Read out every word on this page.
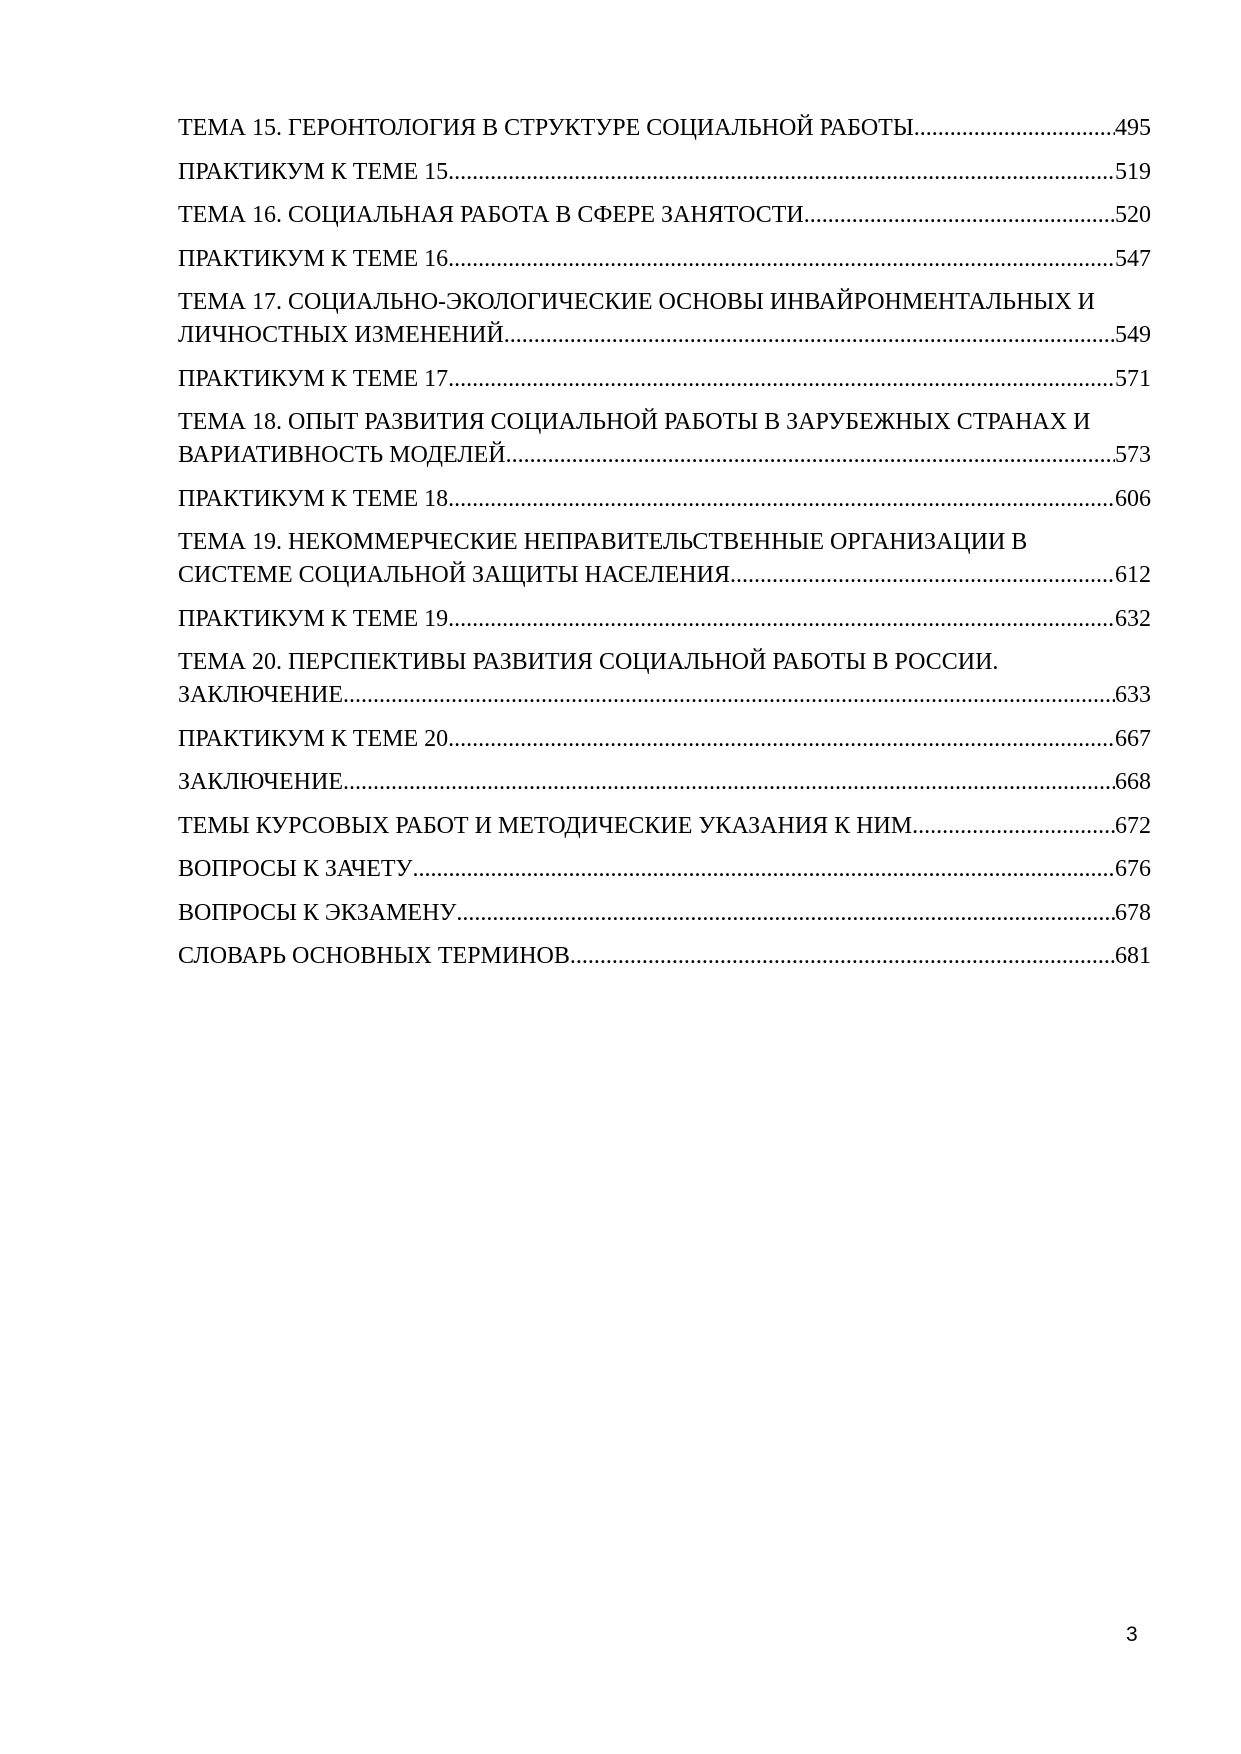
ТЕМА 15. ГЕРОНТОЛОГИЯ В СТРУКТУРЕ СОЦИАЛЬНОЙ РАБОТЫ .....	495
ПРАКТИКУМ К ТЕМЕ 15 .....	519
ТЕМА 16. СОЦИАЛЬНАЯ РАБОТА В СФЕРЕ ЗАНЯТОСТИ .....	520
ПРАКТИКУМ К ТЕМЕ 16 .....	547
ТЕМА 17. СОЦИАЛЬНО-ЭКОЛОГИЧЕСКИЕ ОСНОВЫ ИНВАЙРОНМЕНТАЛЬНЫХ И
ЛИЧНОСТНЫХ ИЗМЕНЕНИЙ .....	549
ПРАКТИКУМ К ТЕМЕ 17 .....	571
ТЕМА 18. ОПЫТ РАЗВИТИЯ СОЦИАЛЬНОЙ РАБОТЫ В ЗАРУБЕЖНЫХ СТРАНАХ И
ВАРИАТИВНОСТЬ МОДЕЛЕЙ .....	573
ПРАКТИКУМ К ТЕМЕ 18 .....	606
ТЕМА 19. НЕКОММЕРЧЕСКИЕ НЕПРАВИТЕЛЬСТВЕННЫЕ ОРГАНИЗАЦИИ В
СИСТЕМЕ СОЦИАЛЬНОЙ ЗАЩИТЫ НАСЕЛЕНИЯ .....	612
ПРАКТИКУМ К ТЕМЕ 19 .....	632
ТЕМА 20. ПЕРСПЕКТИВЫ РАЗВИТИЯ СОЦИАЛЬНОЙ РАБОТЫ В РОССИИ.
ЗАКЛЮЧЕНИЕ .....	633
ПРАКТИКУМ К ТЕМЕ 20 .....	667
ЗАКЛЮЧЕНИЕ .....	668
ТЕМЫ КУРСОВЫХ РАБОТ И МЕТОДИЧЕСКИЕ УКАЗАНИЯ К НИМ .....	672
ВОПРОСЫ К ЗАЧЕТУ .....	676
ВОПРОСЫ К ЭКЗАМЕНУ .....	678
СЛОВАРЬ ОСНОВНЫХ ТЕРМИНОВ .....	681
3
